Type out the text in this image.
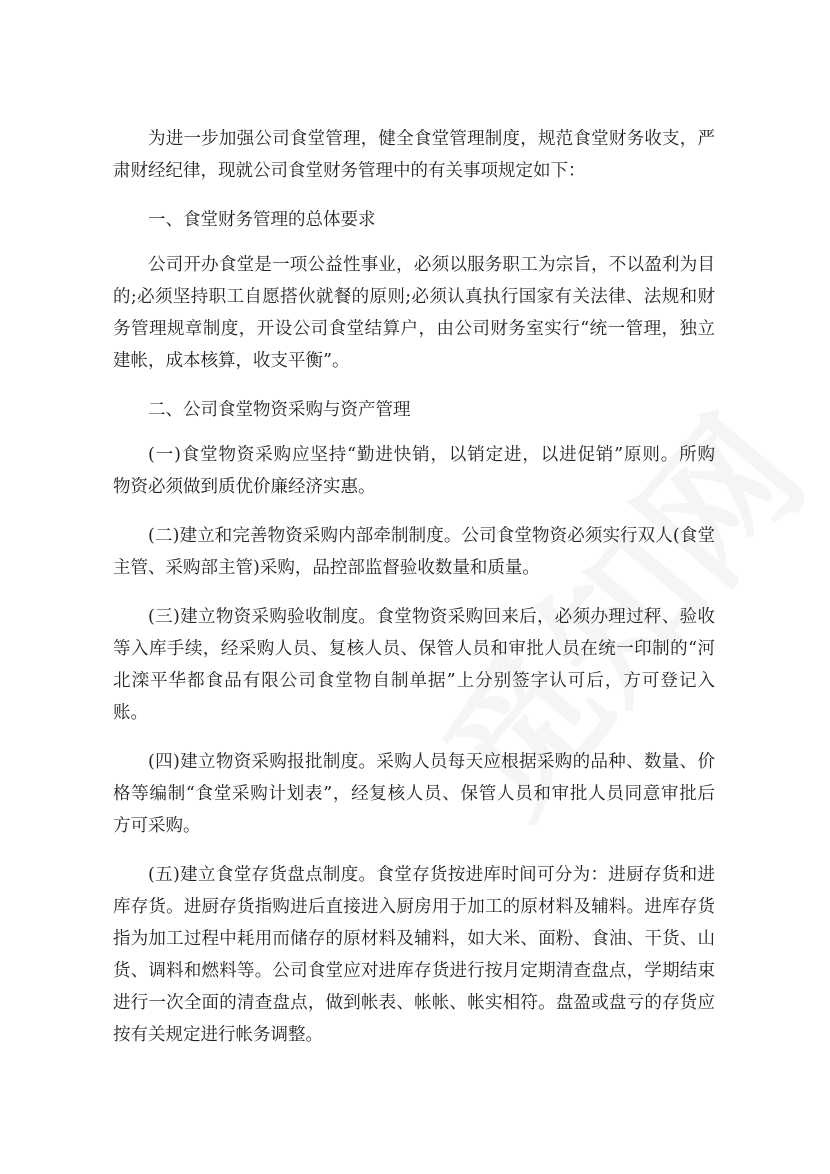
为进一步加强公司食堂管理，健全食堂管理制度，规范食堂财务收支，严
肃财经纪律，现就公司食堂财务管理中的有关事项规定如下：
一、食堂财务管理的总体要求
公司开办食堂是一项公益性事业，必须以服务职工为宗旨，不以盈利为目
的;必须坚持职工自愿搭伙就餐的原则;必须认真执行国家有关法律、法规和财
务管理规章制度，开设公司食堂结算户，由公司财务室实行“统一管理，独立
建帐，成本核算，收支平衡”。
二、公司食堂物资采购与资产管理
(一)食堂物资采购应坚持“勤进快销，以销定进，以进促销”原则。所购
物资必须做到质优价廉经济实惠。
(二)建立和完善物资采购内部牵制制度。公司食堂物资必须实行双人(食堂
主管、采购部主管)采购，品控部监督验收数量和质量。
(三)建立物资采购验收制度。食堂物资采购回来后，必须办理过秤、验收
等入库手续，经采购人员、复核人员、保管人员和审批人员在统一印制的“河
北滦平华都食品有限公司食堂物自制单据”上分别签字认可后，方可登记入
账。
(四)建立物资采购报批制度。采购人员每天应根据采购的品种、数量、价
格等编制“食堂采购计划表”，经复核人员、保管人员和审批人员同意审批后
方可采购。
(五)建立食堂存货盘点制度。食堂存货按进库时间可分为：进厨存货和进
库存货。进厨存货指购进后直接进入厨房用于加工的原材料及辅料。进库存货
指为加工过程中耗用而储存的原材料及辅料，如大米、面粉、食油、干货、山
货、调料和燃料等。公司食堂应对进库存货进行按月定期清查盘点，学期结束
进行一次全面的清查盘点，做到帐表、帐帐、帐实相符。盘盈或盘亏的存货应
按有关规定进行帐务调整。
